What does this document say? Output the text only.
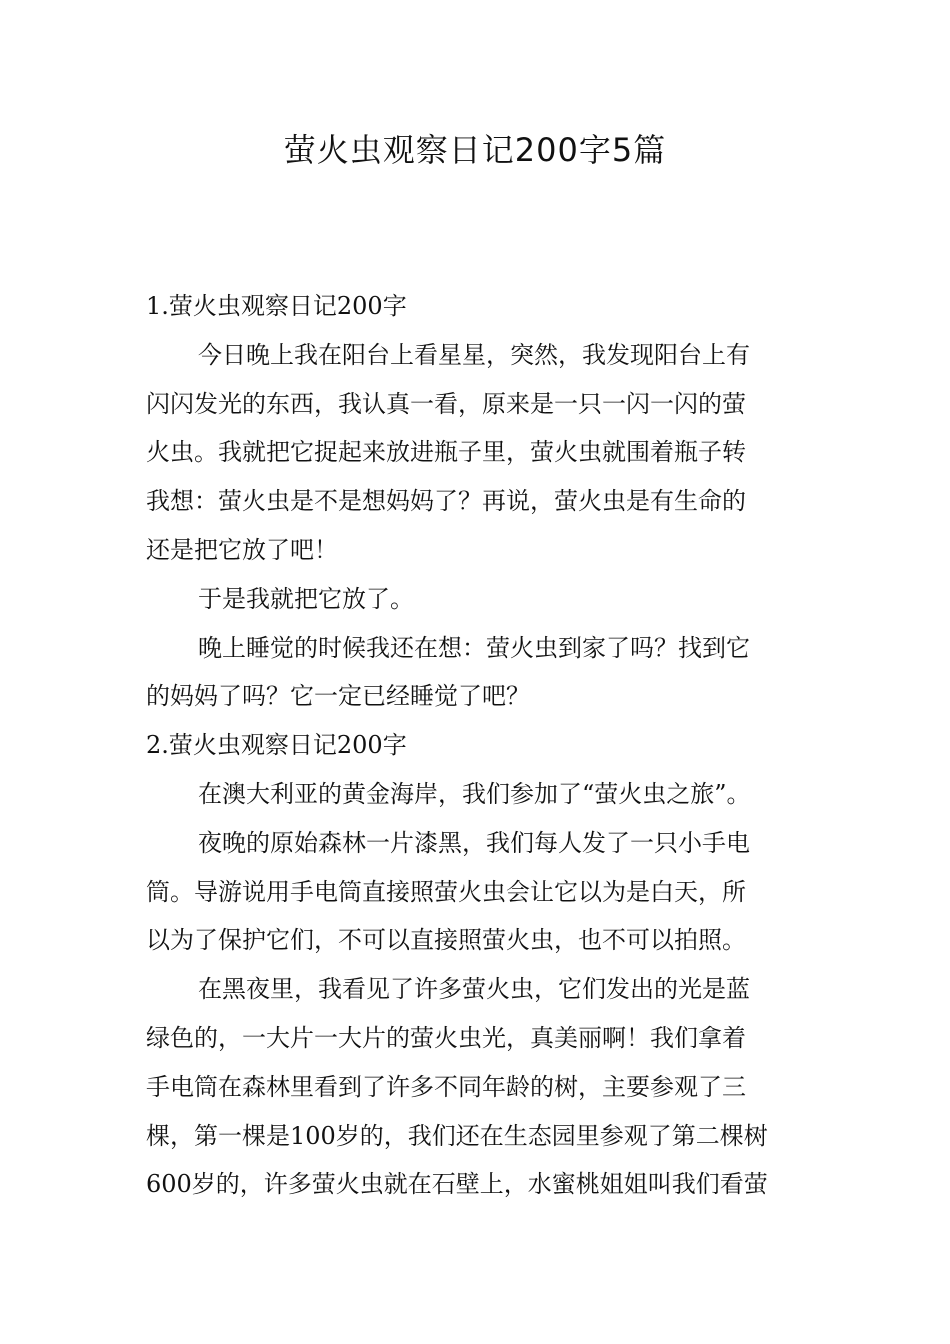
萤火虫观察日记200字5篇
1.萤火虫观察日记200字
今日晚上我在阳台上看星星，突然，我发现阳台上有
闪闪发光的东西，我认真一看，原来是一只一闪一闪的萤
火虫。我就把它捉起来放进瓶子里，萤火虫就围着瓶子转
我想：萤火虫是不是想妈妈了？再说，萤火虫是有生命的
还是把它放了吧！
于是我就把它放了。
晚上睡觉的时候我还在想：萤火虫到家了吗？找到它
的妈妈了吗？它一定已经睡觉了吧？
2.萤火虫观察日记200字
在澳大利亚的黄金海岸，我们参加了“萤火虫之旅”。
夜晚的原始森林一片漆黑，我们每人发了一只小手电
筒。导游说用手电筒直接照萤火虫会让它以为是白天，所
以为了保护它们，不可以直接照萤火虫，也不可以拍照。
在黑夜里，我看见了许多萤火虫，它们发出的光是蓝
绿色的，一大片一大片的萤火虫光，真美丽啊！我们拿着
手电筒在森林里看到了许多不同年龄的树，主要参观了三
棵，第一棵是100岁的，我们还在生态园里参观了第二棵树
600岁的，许多萤火虫就在石壁上，水蜜桃姐姐叫我们看萤
